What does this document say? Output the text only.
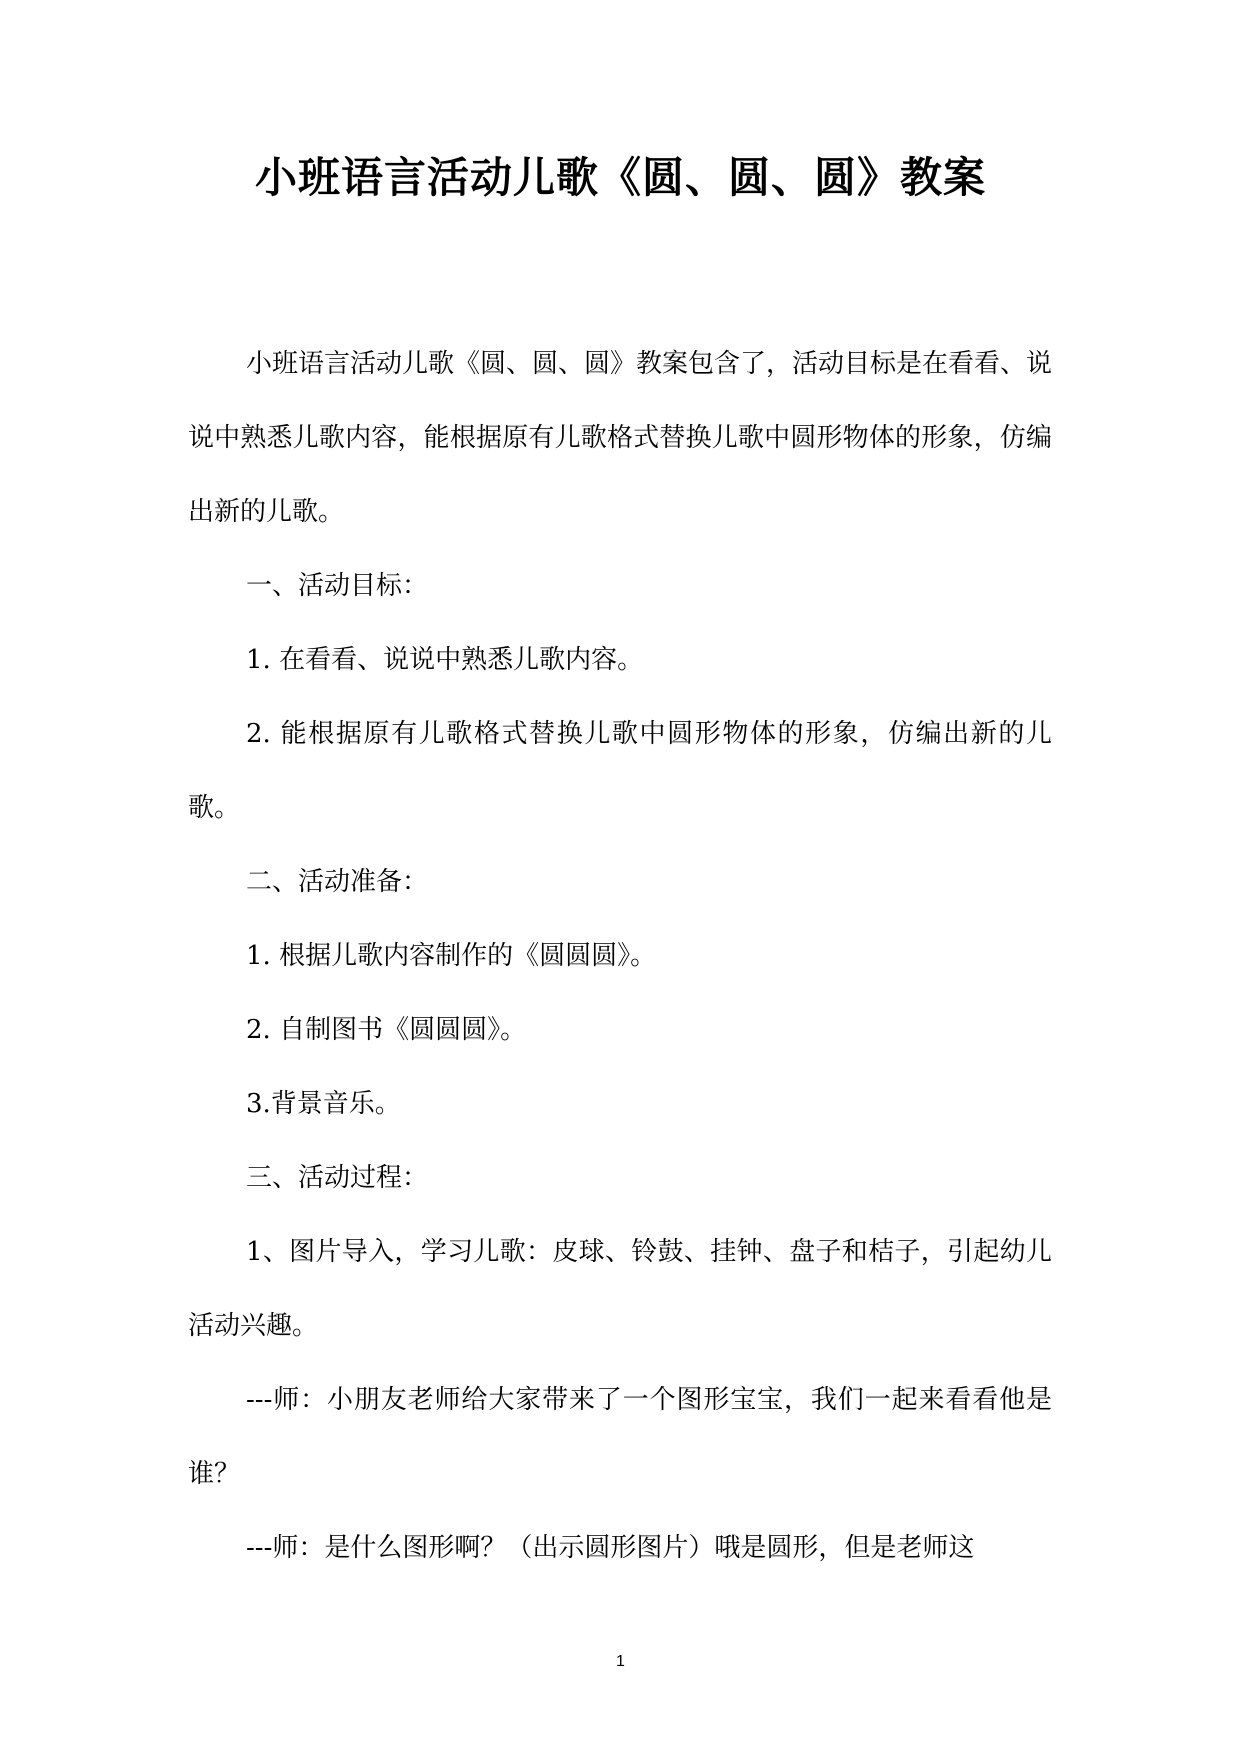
小班语言活动儿歌《圆、圆、圆》教案

小班语言活动儿歌《圆、圆、圆》教案包含了，活动目标是在看看、说说中熟悉儿歌内容，能根据原有儿歌格式替换儿歌中圆形物体的形象，仿编出新的儿歌。

一、活动目标：

1. 在看看、说说中熟悉儿歌内容。

2. 能根据原有儿歌格式替换儿歌中圆形物体的形象，仿编出新的儿歌。

二、活动准备：

1. 根据儿歌内容制作的《圆圆圆》。

2. 自制图书《圆圆圆》。

3.背景音乐。

三、活动过程：

1、图片导入，学习儿歌：皮球、铃鼓、挂钟、盘子和桔子，引起幼儿活动兴趣。

---师：小朋友老师给大家带来了一个图形宝宝，我们一起来看看他是谁？

---师：是什么图形啊？（出示圆形图片）哦是圆形，但是老师这

1
